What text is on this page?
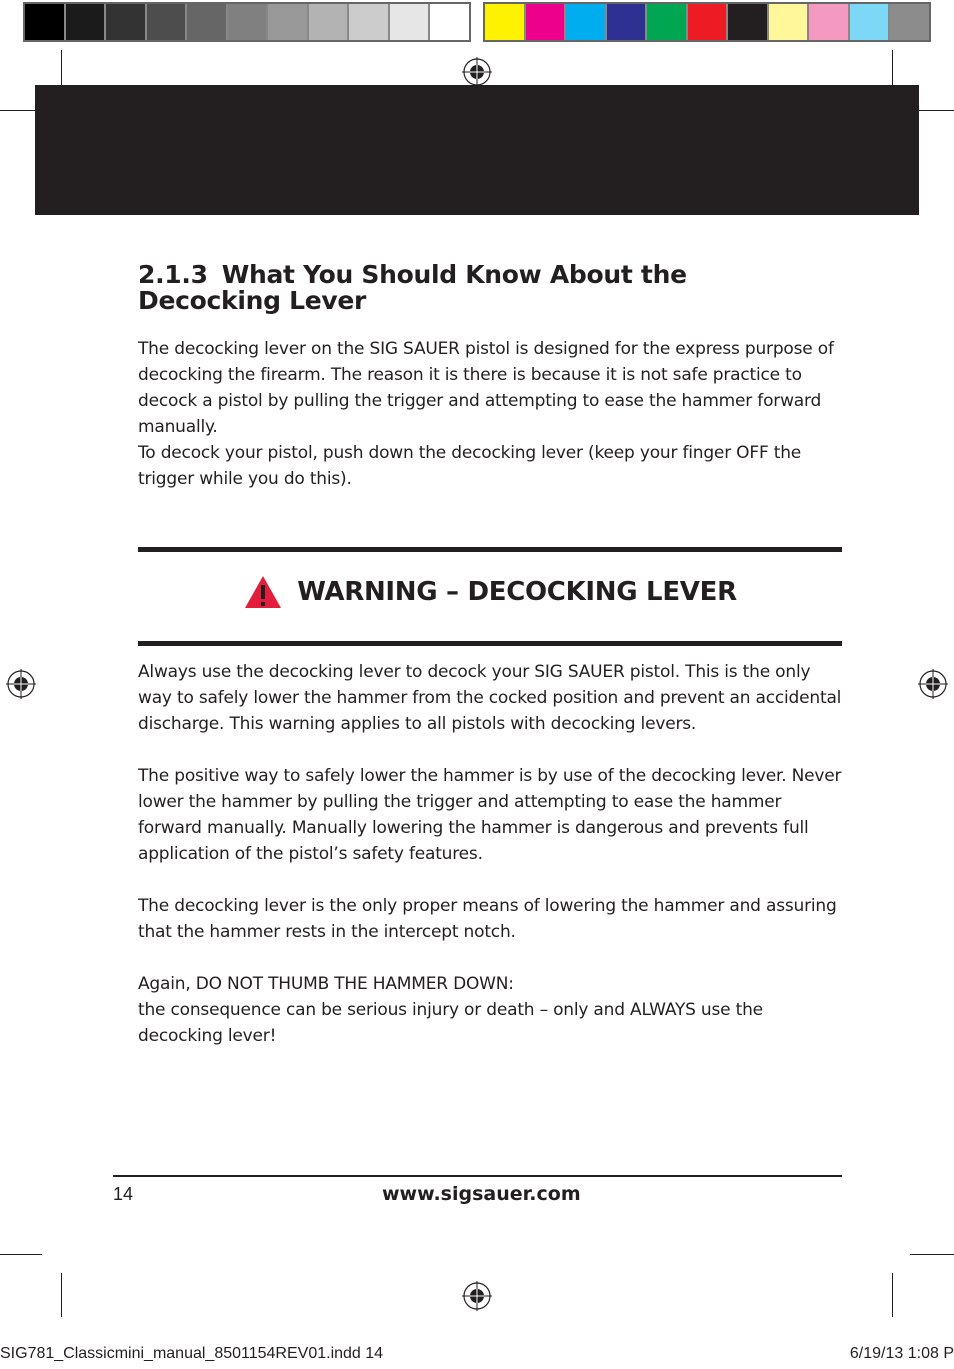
2.1.3 What You Should Know About the
Decocking Lever

The decocking lever on the SIG SAUER pistol is designed for the express purpose of decocking the firearm. The reason it is there is because it is not safe practice to decock a pistol by pulling the trigger and attempting to ease the hammer forward manually.

To decock your pistol, push down the decocking lever (keep your finger OFF the trigger while you do this).

WARNING – DECOCKING LEVER

Always use the decocking lever to decock your SIG SAUER pistol. This is the only way to safely lower the hammer from the cocked position and prevent an accidental discharge. This warning applies to all pistols with decocking levers.

The positive way to safely lower the hammer is by use of the decocking lever. Never lower the hammer by pulling the trigger and attempting to ease the hammer forward manually. Manually lowering the hammer is dangerous and prevents full application of the pistol’s safety features.

The decocking lever is the only proper means of lowering the hammer and assuring that the hammer rests in the intercept notch.

Again, DO NOT THUMB THE HAMMER DOWN:

the consequence can be serious injury or death – only and ALWAYS use the decocking lever!

14	www.sigsauer.com
SIG781_Classicmini_manual_8501154REV01.indd 14	6/19/13 1:08 P
